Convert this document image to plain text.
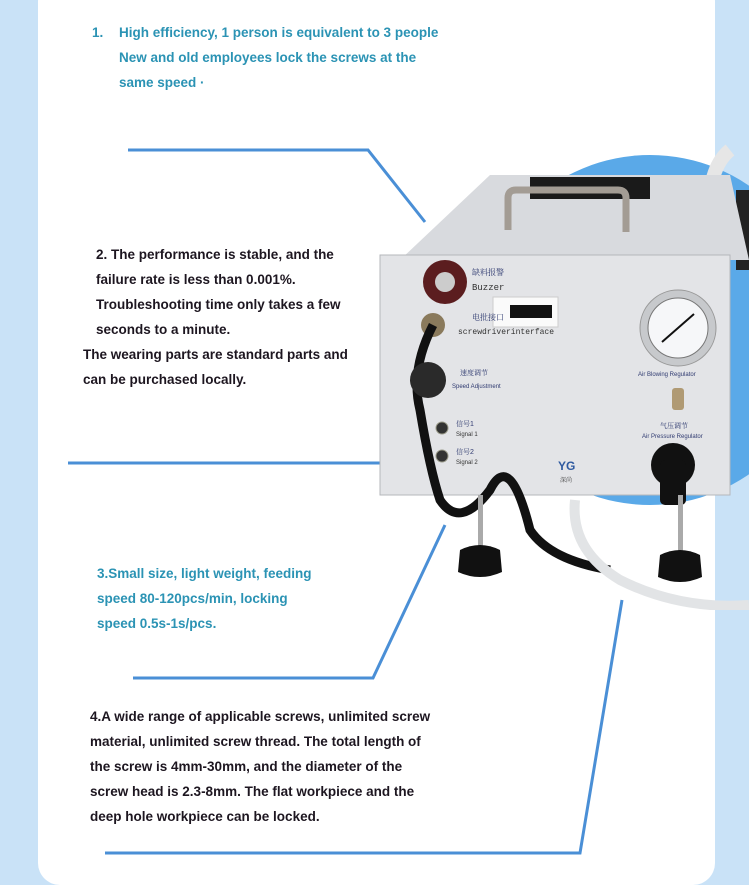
缺料报警
Buzzer
电批接口
screwdriverinterface
速度调节
Speed Adjustment
信号1
Signal 1
信号2
Signal 2	YG
深尚
Air Blowing Regulator
气压调节
Air Pressure Regulator
1. High efficiency, 1 person is equivalent to 3 people
New and old employees lock the screws at the
same speed ·
2. The performance is stable, and the
failure rate is less than 0.001%.
Troubleshooting time only takes a few
seconds to a minute.
The wearing parts are standard parts and
can be purchased locally.
3.Small size, light weight, feeding
speed 80-120pcs/min, locking
speed 0.5s-1s/pcs.
4.A wide range of applicable screws, unlimited screw
material, unlimited screw thread. The total length of
the screw is 4mm-30mm, and the diameter of the
screw head is 2.3-8mm. The flat workpiece and the
deep hole workpiece can be locked.
